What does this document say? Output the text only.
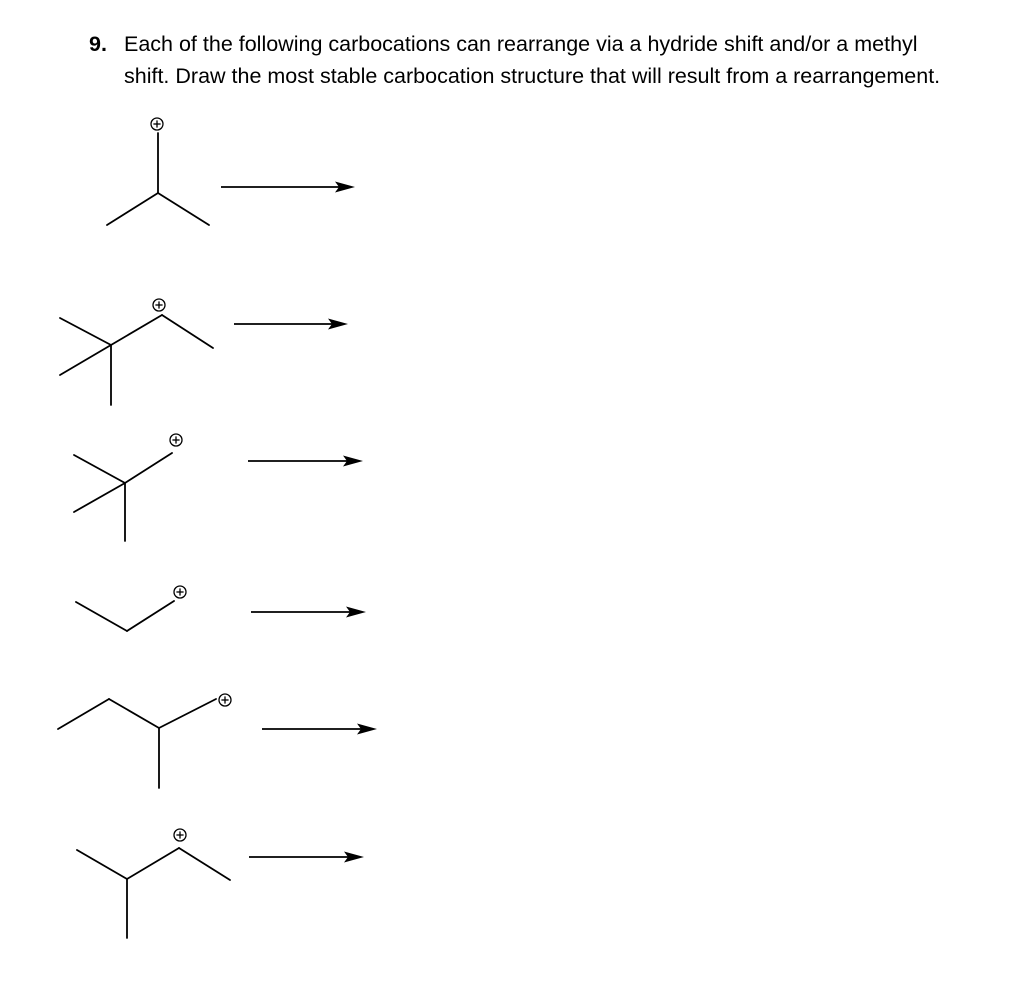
9. Each of the following carbocations can rearrange via a hydride shift and/or a methyl
shift. Draw the most stable carbocation structure that will result from a rearrangement.
